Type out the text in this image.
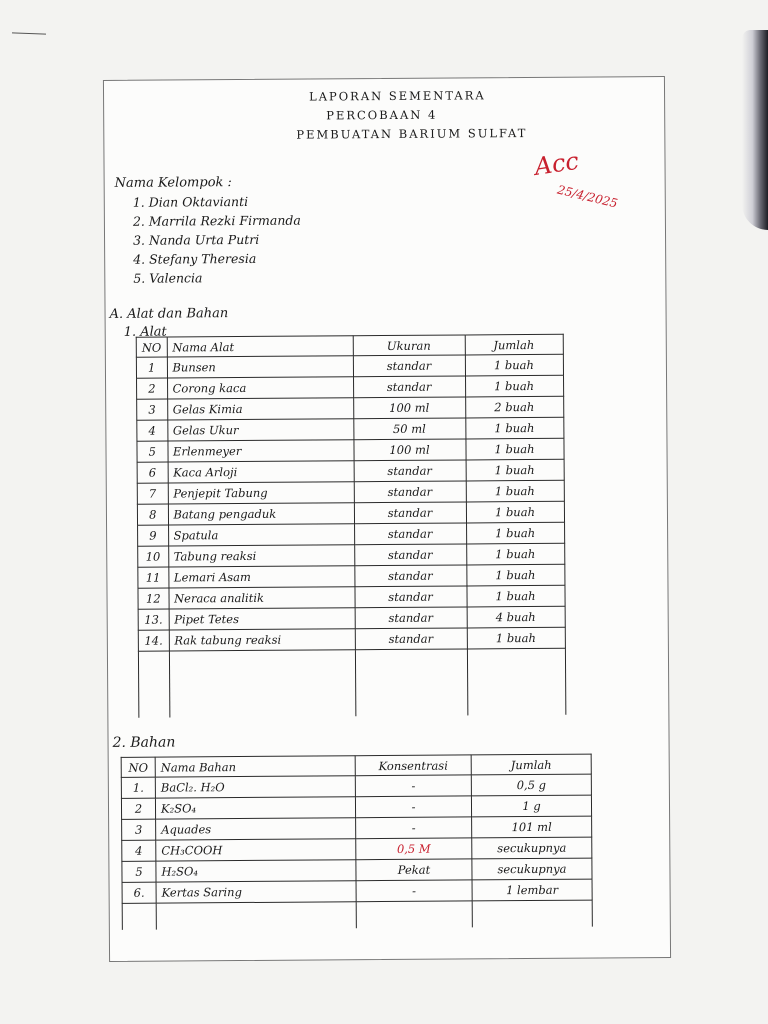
LAPORAN SEMENTARA
PERCOBAAN 4
PEMBUATAN BARIUM SULFAT
Acc
25/4/2025
Nama Kelompok :
1. Dian Oktavianti
2. Marrila Rezki Firmanda
3. Nanda Urta Putri
4. Stefany Theresia
5. Valencia
A. Alat dan Bahan
1. Alat
NO	Nama Alat	Ukuran	Jumlah
1	Bunsen	standar	1 buah
2	Corong kaca	standar	1 buah
3	Gelas Kimia	100 ml	2 buah
4	Gelas Ukur	50 ml	1 buah
5	Erlenmeyer	100 ml	1 buah
6	Kaca Arloji	standar	1 buah
7	Penjepit Tabung	standar	1 buah
8	Batang pengaduk	standar	1 buah
9	Spatula	standar	1 buah
10	Tabung reaksi	standar	1 buah
11	Lemari Asam	standar	1 buah
12	Neraca analitik	standar	1 buah
13.	Pipet Tetes	standar	4 buah
14.	Rak tabung reaksi	standar	1 buah

2. Bahan
NO	Nama Bahan	Konsentrasi	Jumlah
1.	BaCl₂. H₂O	-	0,5 g
2	K₂SO₄	-	1 g
3	Aquades	-	101 ml
4	CH₃COOH	0,5 M	secukupnya
5	H₂SO₄	Pekat	secukupnya
6.	Kertas Saring	-	1 lembar
